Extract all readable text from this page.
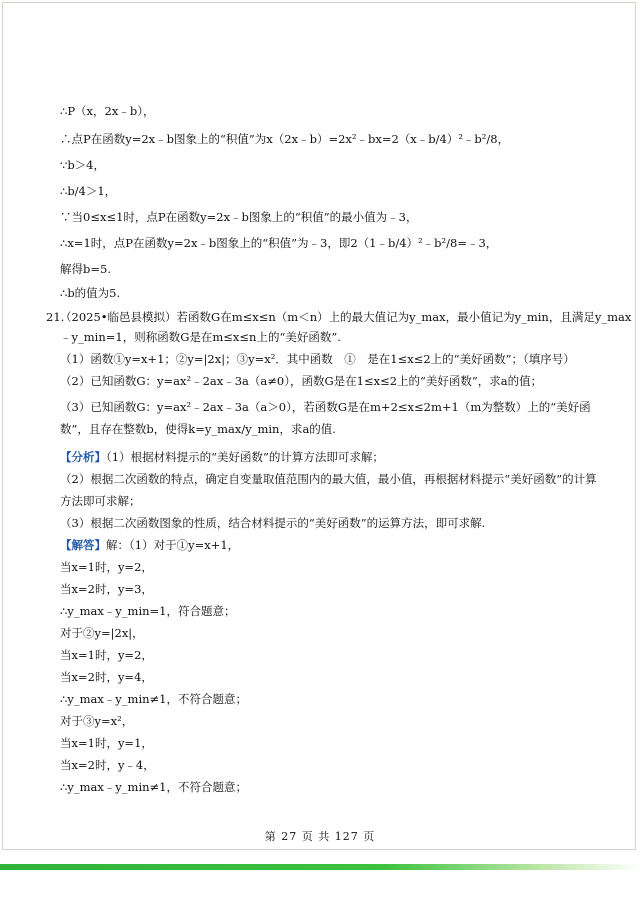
∴P（x，2x﹣b），
∴点P在函数y=2x﹣b图象上的“积值”为x（2x﹣b）=2x²﹣bx=2（x﹣b/4）²﹣b²/8，
∵b＞4，
∴b/4＞1，
∵当0≤x≤1时，点P在函数y=2x﹣b图象上的“积值”的最小值为﹣3，
∴x=1时，点P在函数y=2x﹣b图象上的“积值”为﹣3，即2（1﹣b/4）²﹣b²/8=﹣3，
解得b=5.
∴b的值为5.
21.
（2025•临邑县模拟）若函数G在m≤x≤n（m＜n）上的最大值记为y_max，最小值记为y_min，且满足y_max
﹣y_min=1，则称函数G是在m≤x≤n上的“美好函数”.
（1）函数①y=x+1；②y=|2x|；③y=x²．其中函数　①　是在1≤x≤2上的“美好函数”；（填序号）
（2）已知函数G：y=ax²﹣2ax﹣3a（a≠0），函数G是在1≤x≤2上的“美好函数”，求a的值；
（3）已知函数G：y=ax²﹣2ax﹣3a（a＞0），若函数G是在m+2≤x≤2m+1（m为整数）上的“美好函
数”，且存在整数b，使得k=y_max/y_min，求a的值.
【分析】（1）根据材料提示的“美好函数”的计算方法即可求解；
（2）根据二次函数的特点，确定自变量取值范围内的最大值，最小值，再根据材料提示“美好函数”的计算
方法即可求解；
（3）根据二次函数图象的性质，结合材料提示的“美好函数”的运算方法，即可求解.
【解答】解：（1）对于①y=x+1，
当x=1时，y=2，
当x=2时，y=3，
∴y_max﹣y_min=1，符合题意；
对于②y=|2x|，
当x=1时，y=2，
当x=2时，y=4，
∴y_max﹣y_min≠1，不符合题意；
对于③y=x²，
当x=1时，y=1，
当x=2时，y﹣4，
∴y_max﹣y_min≠1，不符合题意；
第 27 页 共 127 页
